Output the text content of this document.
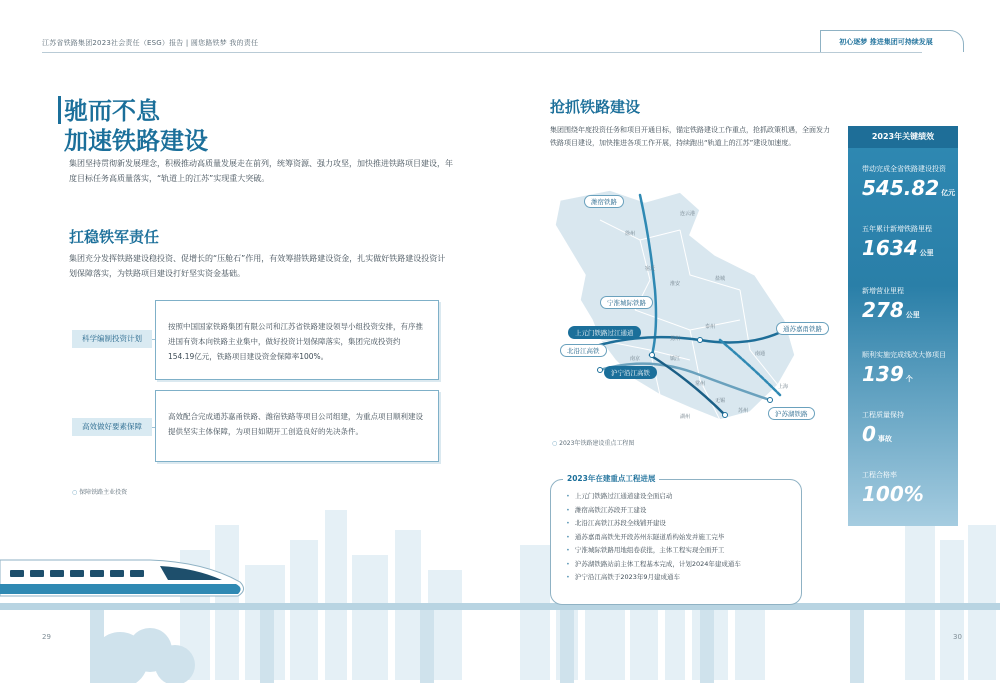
江苏省铁路集团2023社会责任（ESG）报告 | 圆您路铁梦 我的责任	初心逐梦 推进集团可持续发展
驰而不息
加速铁路建设
集团坚持贯彻新发展理念，积极推动高质量发展走在前列，统筹资源、强力攻坚，加快推进铁路项目建设，年度目标任务高质量落实，“轨道上的江苏”实现重大突破。
扛稳铁军责任
集团充分发挥铁路建设稳投资、促增长的“压舱石”作用，有效筹措铁路建设资金，扎实做好铁路建设投资计划保障落实，为铁路项目建设打好坚实资金基础。
科学编制投资计划
按照中国国家铁路集团有限公司和江苏省铁路建设领导小组投资安排，有序推进国有资本向铁路主业集中，做好投资计划保障落实，集团完成投资约154.19亿元，铁路项目建设资金保障率100%。
高效做好要素保障
高效配合完成通苏嘉甬铁路、潍宿铁路等项目公司组建，为重点项目顺利建设提供坚实主体保障，为项目如期开工创造良好的先决条件。
○ 保障铁路主业投资
29
抢抓铁路建设
集团围绕年度投资任务和项目开通目标，锚定铁路建设工作重点，抢抓政策机遇，全面发力铁路项目建设，加快推进各项工作开展，持续跑出“轨道上的江苏”建设加速度。
徐州
连云港
宿迁
淮安
盐城
扬州
泰州
南通
南京	镇江
常州
无锡
苏州
上海
湖州
潍宿铁路
宁淮城际铁路
上元门铁路过江通道
北沿江高铁
沪宁沿江高铁
通苏嘉甬铁路
沪苏湖铁路
○ 2023年铁路建设重点工程图
2023年在建重点工程进展
• 上元门铁路过江通道建设全面启动
• 潍宿高铁江苏段开工建设
• 北沿江高铁江苏段全线铺开建设
• 通苏嘉甬高铁先开段苏州东隧道盾构始发并施工完毕
• 宁淮城际铁路用地组卷获批，主体工程实现全面开工
• 沪苏湖铁路站前主体工程基本完成，计划2024年建成通车
• 沪宁沿江高铁于2023年9月建成通车
2023年关键绩效
带动完成全省铁路建设投资
545.82 亿元
五年累计新增铁路里程
1634 公里
新增营业里程
278 公里
顺利实施完成线改大修项目
139 个
工程质量保持
0 事故
工程合格率
100%
30
